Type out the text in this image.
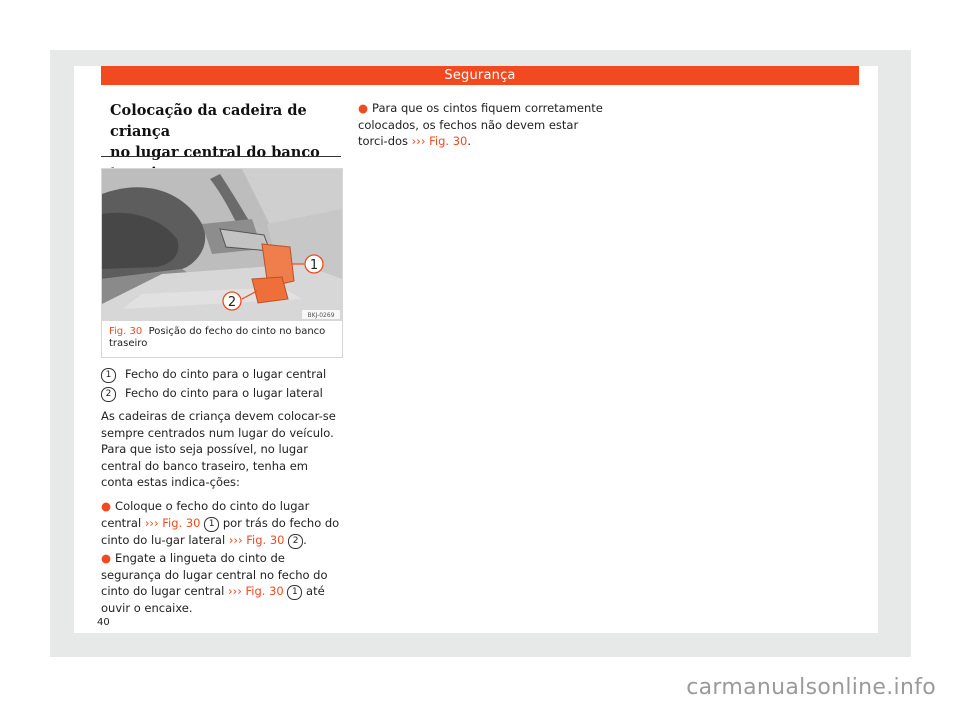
Segurança
Colocação da cadeira de criança
no lugar central do banco
1
2
BKJ-0269
Fig. 30 Posição do fecho do cinto no banco traseiro
1 Fecho do cinto para o lugar central
2 Fecho do cinto para o lugar lateral
As cadeiras de criança devem colocar-se sempre centrados num lugar do veículo. Para que isto seja possível, no lugar central do banco traseiro, tenha em conta estas indica-ções:
● Coloque o fecho do cinto do lugar central ››› Fig. 30 1 por trás do fecho do cinto do lu-gar lateral ››› Fig. 30 2 .
● Engate a lingueta do cinto de segurança do lugar central no fecho do cinto do lugar central ››› Fig. 30 1 até ouvir o encaixe.
● Para que os cintos fiquem corretamente colocados, os fechos não devem estar torci-dos ››› Fig. 30.
40
carmanualsonline.info
